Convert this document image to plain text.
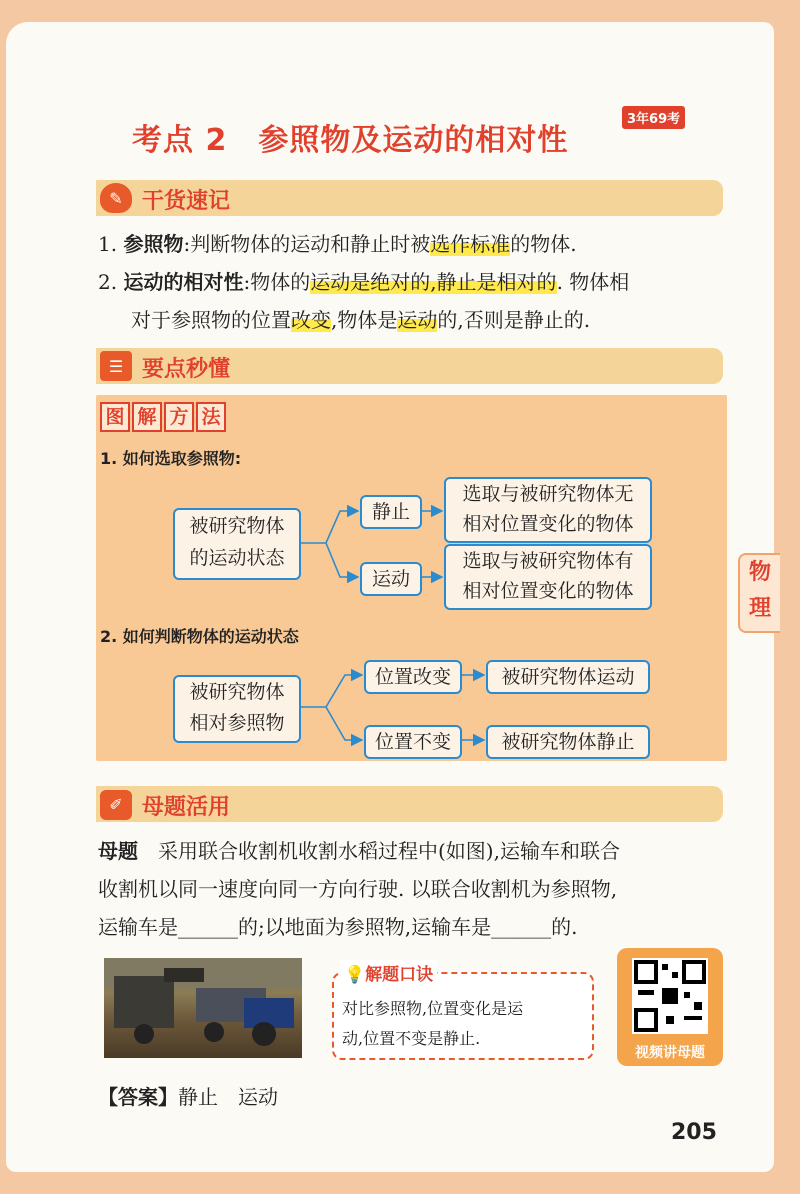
考点 2　参照物及运动的相对性
3年69考
✎ 干货速记
1. 参照物:判断物体的运动和静止时被选作标准的物体.
2. 运动的相对性:物体的运动是绝对的,静止是相对的. 物体相
对于参照物的位置改变,物体是运动的,否则是静止的.
☰ 要点秒懂
图 解 方 法
1. 如何选取参照物:
被研究物体
的运动状态
静止
运动
选取与被研究物体无
相对位置变化的物体
选取与被研究物体有
相对位置变化的物体
2. 如何判断物体的运动状态
被研究物体
相对参照物
位置改变
位置不变
被研究物体运动
被研究物体静止
✐ 母题活用
母题　采用联合收割机收割水稻过程中(如图),运输车和联合
收割机以同一速度向同一方向行驶. 以联合收割机为参照物,
运输车是______的;以地面为参照物,运输车是______的.
💡解题口诀
对比参照物,位置变化是运
动,位置不变是静止.
视频讲母题
【答案】静止　运动
物
理
205
